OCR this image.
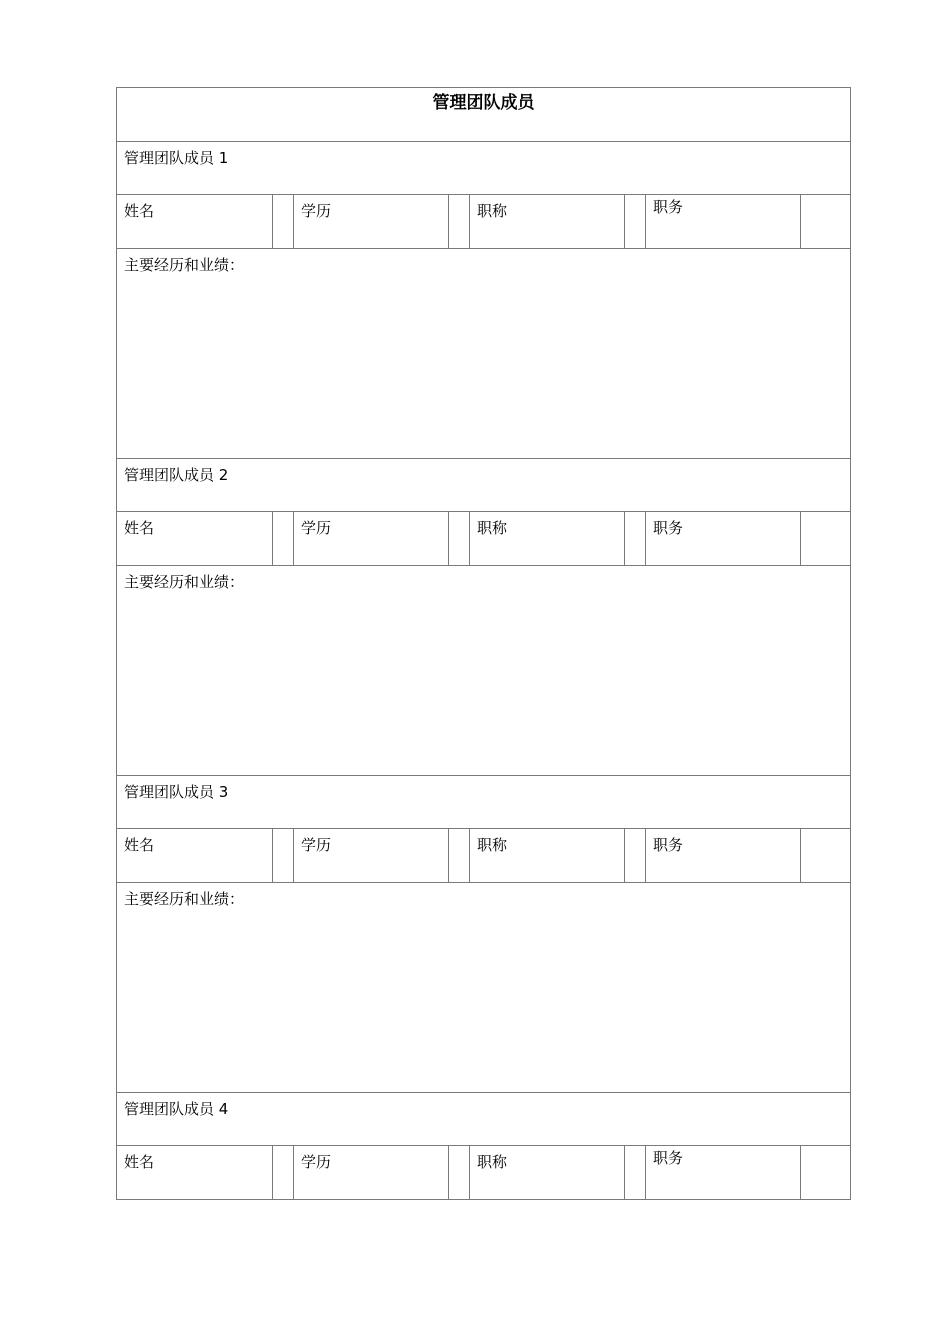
管理团队成员							

管理团队成员 1							
姓名		学历		职称		职务	
主要经历和业绩：							
管理团队成员 2							
姓名		学历		职称		职务	
主要经历和业绩：							
管理团队成员 3							
姓名		学历		职称		职务	
主要经历和业绩：							
管理团队成员 4							
姓名		学历		职称		职务	
